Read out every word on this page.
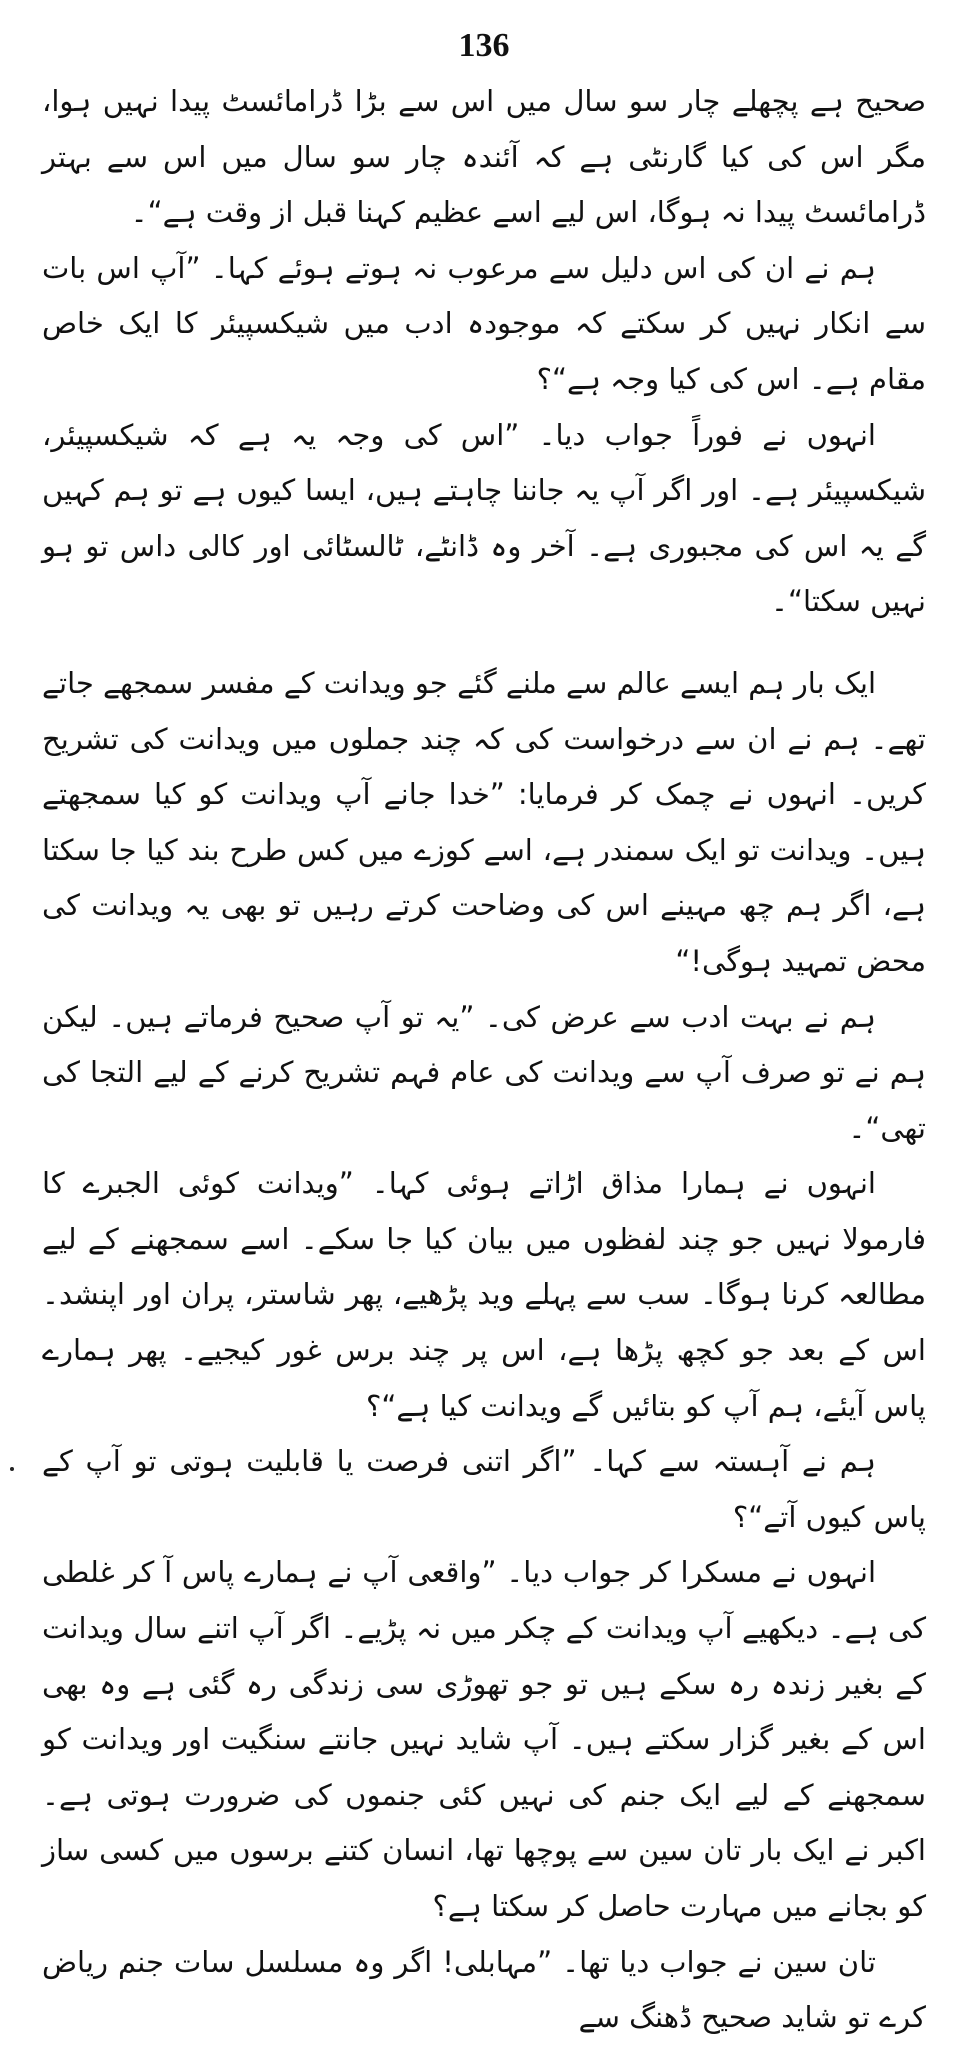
136

صحیح ہے پچھلے چار سو سال میں اس سے بڑا ڈرامائسٹ پیدا نہیں ہوا، مگر اس کی کیا گارنٹی ہے کہ آئندہ چار سو سال میں اس سے بہتر ڈرامائسٹ پیدا نہ ہوگا، اس لیے اسے عظیم کہنا قبل از وقت ہے“۔

ہم نے ان کی اس دلیل سے مرعوب نہ ہوتے ہوئے کہا۔ ”آپ اس بات سے انکار نہیں کر سکتے کہ موجودہ ادب میں شیکسپیئر کا ایک خاص مقام ہے۔ اس کی کیا وجہ ہے“؟

انہوں نے فوراً جواب دیا۔ ”اس کی وجہ یہ ہے کہ شیکسپیئر، شیکسپیئر ہے۔ اور اگر آپ یہ جاننا چاہتے ہیں، ایسا کیوں ہے تو ہم کہیں گے یہ اس کی مجبوری ہے۔ آخر وہ ڈانٹے، ٹالسٹائی اور کالی داس تو ہو نہیں سکتا“۔

ایک بار ہم ایسے عالم سے ملنے گئے جو ویدانت کے مفسر سمجھے جاتے تھے۔ ہم نے ان سے درخواست کی کہ چند جملوں میں ویدانت کی تشریح کریں۔ انہوں نے چمک کر فرمایا: ”خدا جانے آپ ویدانت کو کیا سمجھتے ہیں۔ ویدانت تو ایک سمندر ہے، اسے کوزے میں کس طرح بند کیا جا سکتا ہے، اگر ہم چھ مہینے اس کی وضاحت کرتے رہیں تو بھی یہ ویدانت کی محض تمہید ہوگی!“

ہم نے بہت ادب سے عرض کی۔ ”یہ تو آپ صحیح فرماتے ہیں۔ لیکن ہم نے تو صرف آپ سے ویدانت کی عام فہم تشریح کرنے کے لیے التجا کی تھی“۔

انہوں نے ہمارا مذاق اڑاتے ہوئی کہا۔ ”ویدانت کوئی الجبرے کا فارمولا نہیں جو چند لفظوں میں بیان کیا جا سکے۔ اسے سمجھنے کے لیے مطالعہ کرنا ہوگا۔ سب سے پہلے وید پڑھیے، پھر شاستر، پران اور اپنشد۔ اس کے بعد جو کچھ پڑھا ہے، اس پر چند برس غور کیجیے۔ پھر ہمارے پاس آیئے، ہم آپ کو بتائیں گے ویدانت کیا ہے“؟

ہم نے آہستہ سے کہا۔ ”اگر اتنی فرصت یا قابلیت ہوتی تو آپ کے پاس کیوں آتے“؟

انہوں نے مسکرا کر جواب دیا۔ ”واقعی آپ نے ہمارے پاس آ کر غلطی کی ہے۔ دیکھیے آپ ویدانت کے چکر میں نہ پڑیے۔ اگر آپ اتنے سال ویدانت کے بغیر زندہ رہ سکے ہیں تو جو تھوڑی سی زندگی رہ گئی ہے وہ بھی اس کے بغیر گزار سکتے ہیں۔ آپ شاید نہیں جانتے سنگیت اور ویدانت کو سمجھنے کے لیے ایک جنم کی نہیں کئی جنموں کی ضرورت ہوتی ہے۔ اکبر نے ایک بار تان سین سے پوچھا تھا، انسان کتنے برسوں میں کسی ساز کو بجانے میں مہارت حاصل کر سکتا ہے؟

تان سین نے جواب دیا تھا۔ ”مہابلی! اگر وہ مسلسل سات جنم ریاض کرے تو شاید صحیح ڈھنگ سے
